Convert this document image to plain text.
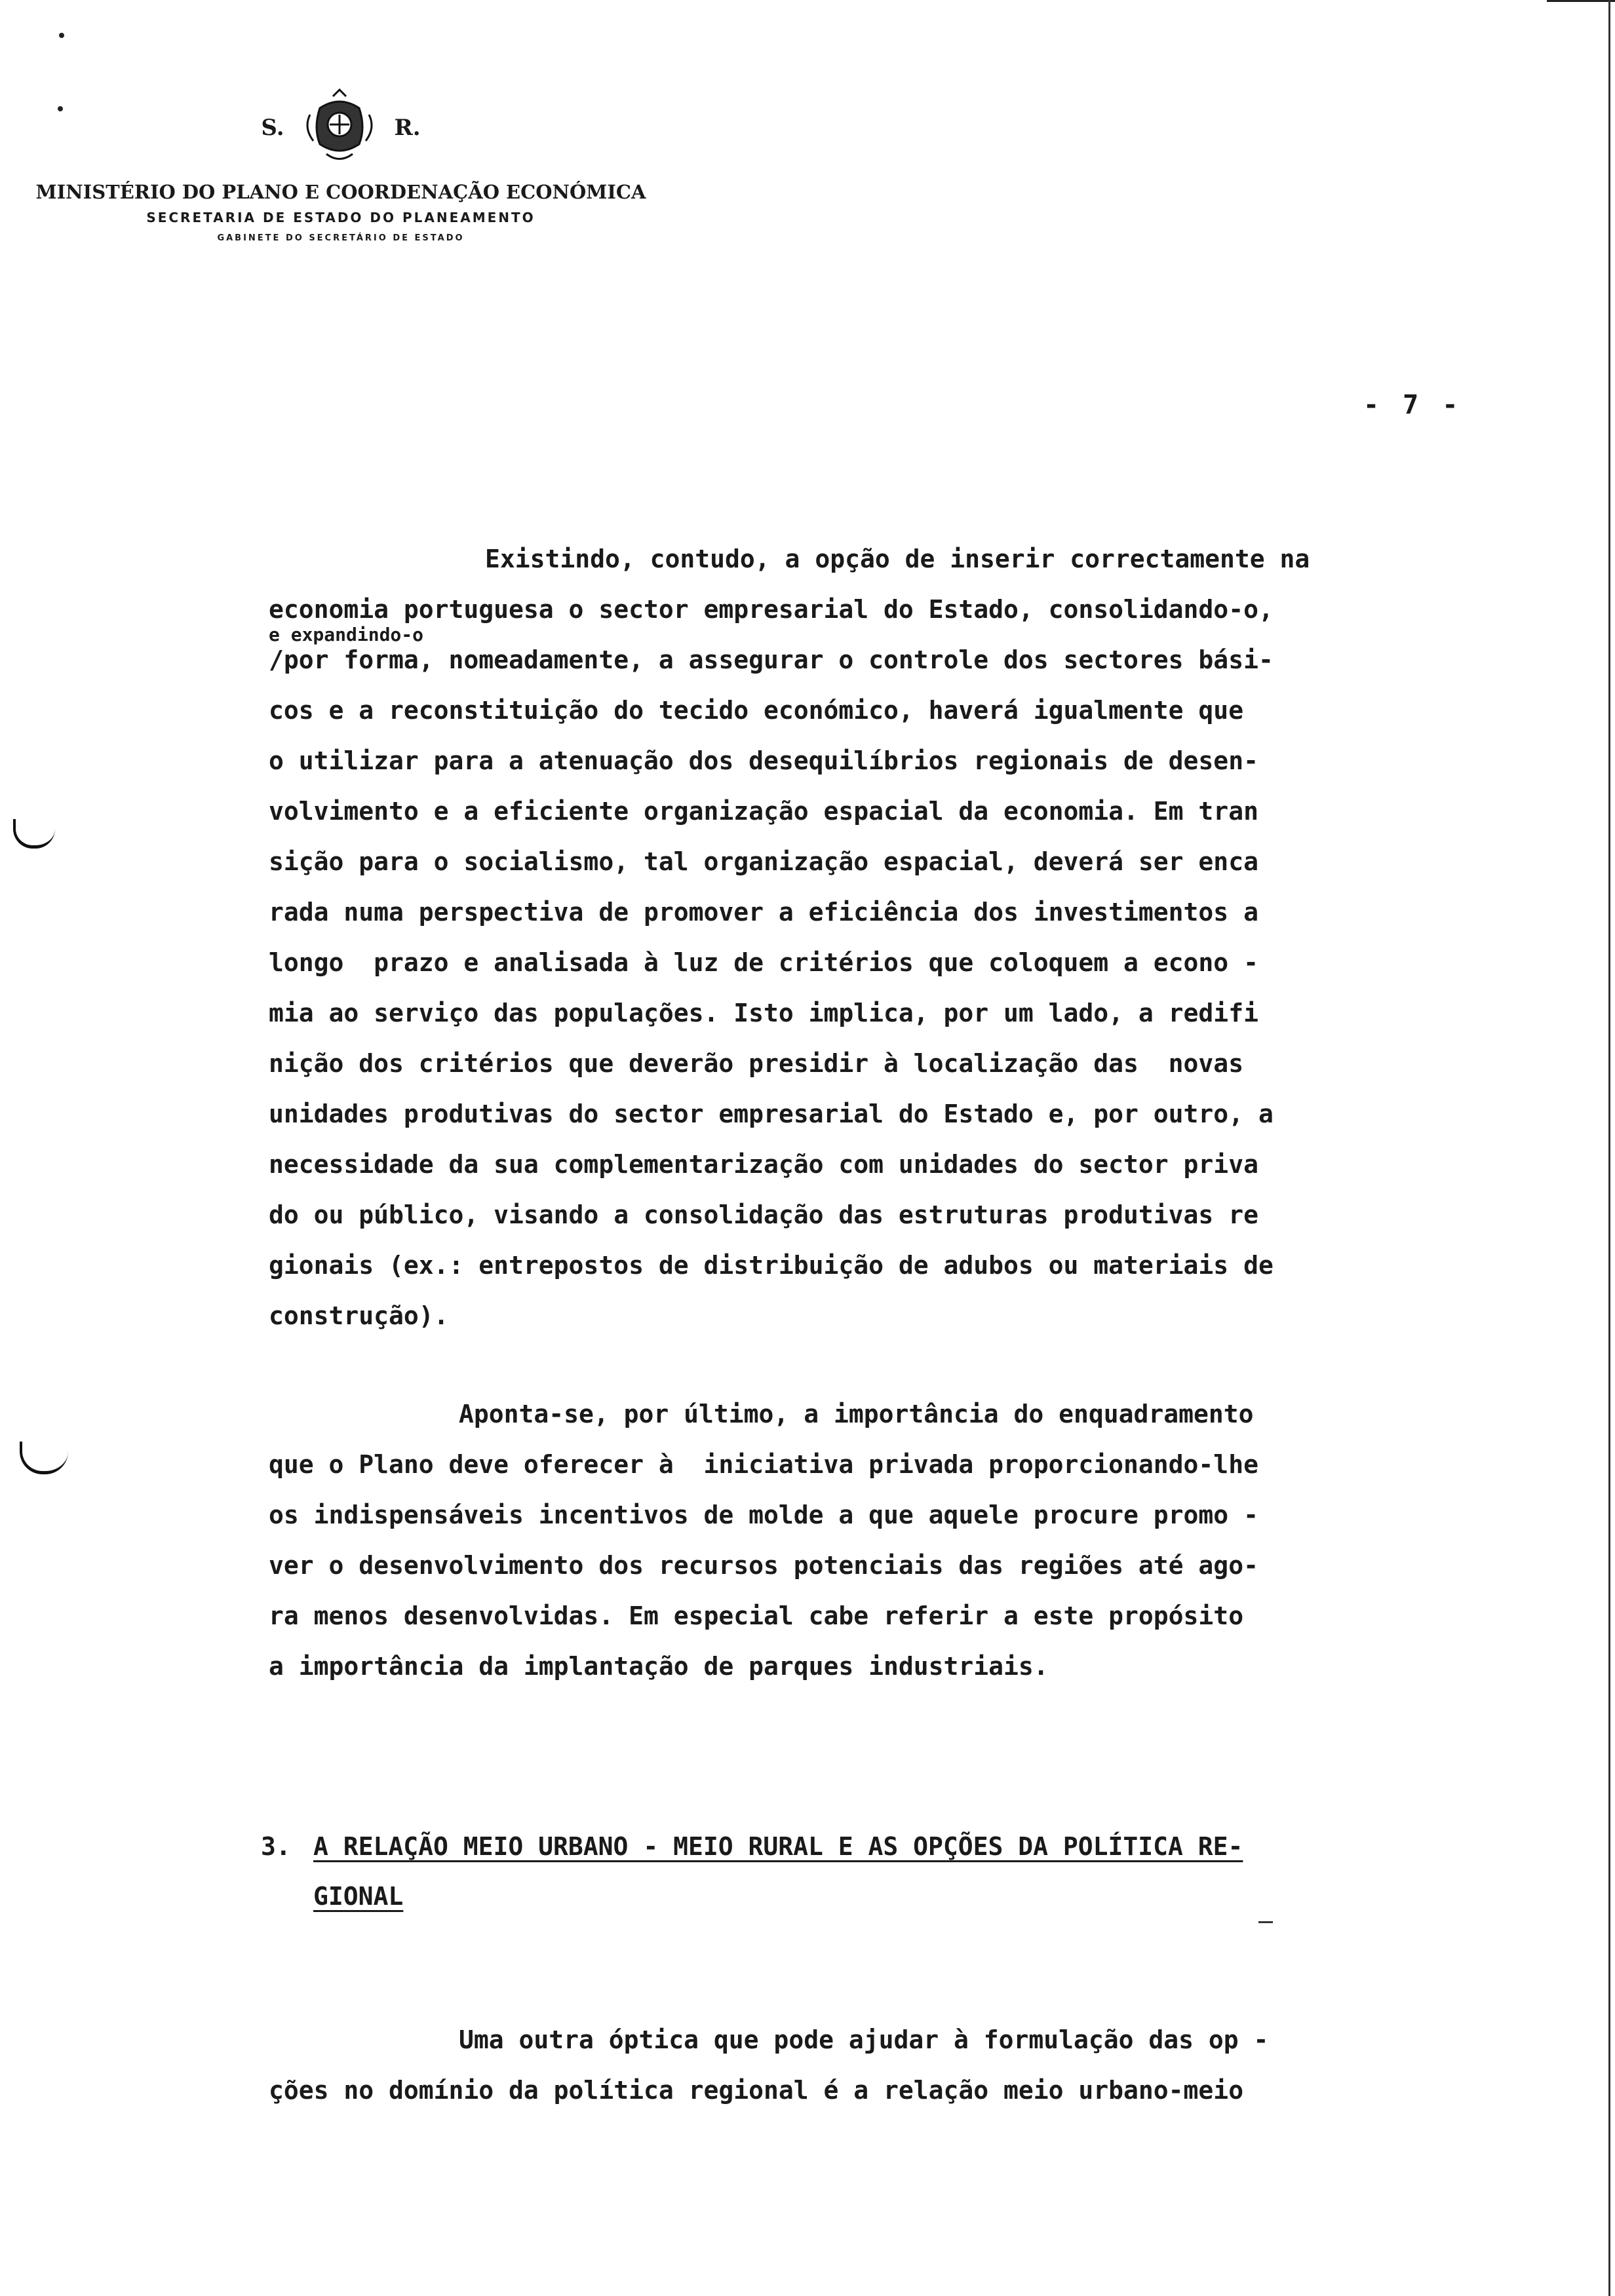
S.	R.
MINISTÉRIO DO PLANO E COORDENAÇÃO ECONÓMICA
SECRETARIA DE ESTADO DO PLANEAMENTO
GABINETE DO SECRETÁRIO DE ESTADO
- 7 -
Existindo, contudo, a opção de inserir correctamente na
economia portuguesa o sector empresarial do Estado, consolidando-o,
e expandindo-o
/por forma, nomeadamente, a assegurar o controle dos sectores bási-
cos e a reconstituição do tecido económico, haverá igualmente que
o utilizar para a atenuação dos desequilíbrios regionais de desen-
volvimento e a eficiente organização espacial da economia. Em tran
sição para o socialismo, tal organização espacial, deverá ser enca
rada numa perspectiva de promover a eficiência dos investimentos a
longo  prazo e analisada à luz de critérios que coloquem a econo -
mia ao serviço das populações. Isto implica, por um lado, a redifi
nição dos critérios que deverão presidir à localização das  novas
unidades produtivas do sector empresarial do Estado e, por outro, a
necessidade da sua complementarização com unidades do sector priva
do ou público, visando a consolidação das estruturas produtivas re
gionais (ex.: entrepostos de distribuição de adubos ou materiais de
construção).
Aponta-se, por último, a importância do enquadramento
que o Plano deve oferecer à  iniciativa privada proporcionando-lhe
os indispensáveis incentivos de molde a que aquele procure promo -
ver o desenvolvimento dos recursos potenciais das regiões até ago-
ra menos desenvolvidas. Em especial cabe referir a este propósito
a importância da implantação de parques industriais.
3. A RELAÇÃO MEIO URBANO - MEIO RURAL E AS OPÇÕES DA POLÍTICA RE-
GIONAL
Uma outra óptica que pode ajudar à formulação das op -
ções no domínio da política regional é a relação meio urbano-meio
